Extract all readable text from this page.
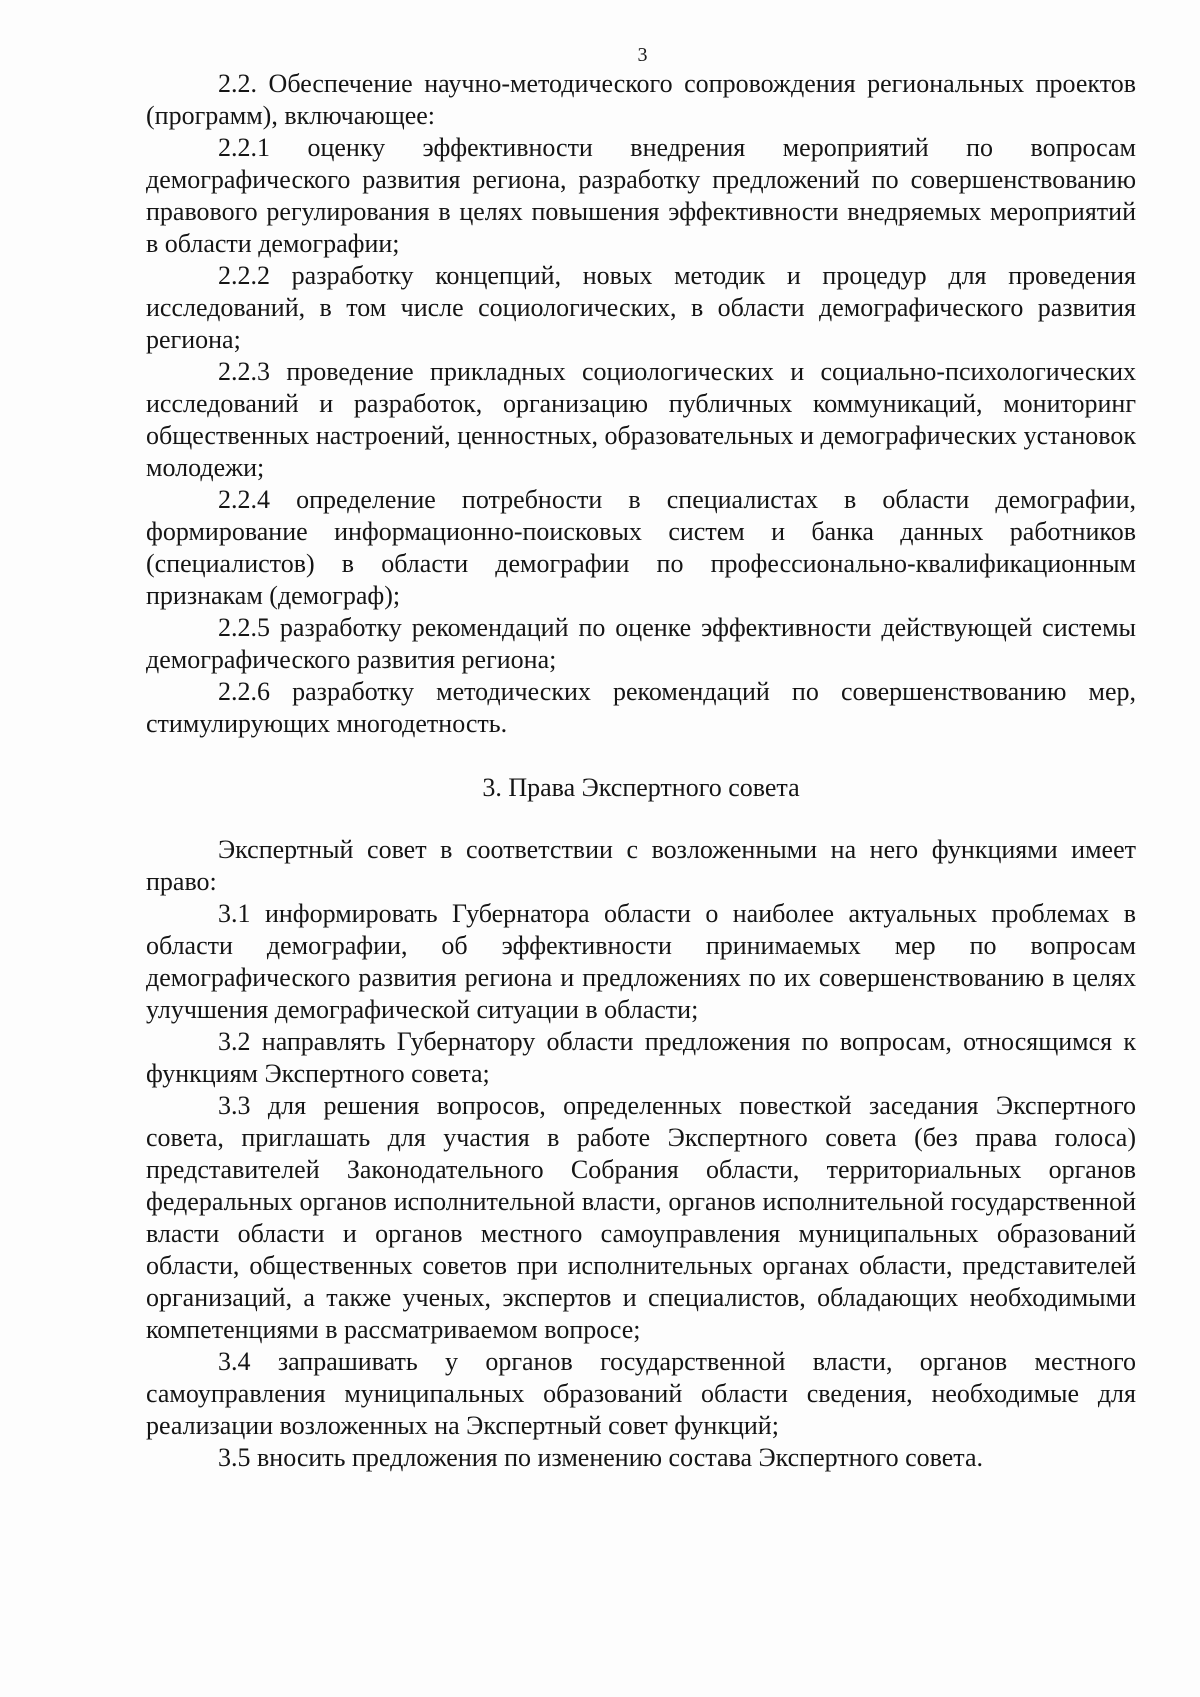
3

2.2. Обеспечение научно-методического сопровождения региональных проектов (программ), включающее:

2.2.1 оценку эффективности внедрения мероприятий по вопросам демографического развития региона, разработку предложений по совершенствованию правового регулирования в целях повышения эффективности внедряемых мероприятий в области демографии;

2.2.2 разработку концепций, новых методик и процедур для проведения исследований, в том числе социологических, в области демографического развития региона;

2.2.3 проведение прикладных социологических и социально-психологических исследований и разработок, организацию публичных коммуникаций, мониторинг общественных настроений, ценностных, образовательных и демографических установок молодежи;

2.2.4 определение потребности в специалистах в области демографии, формирование информационно-поисковых систем и банка данных работников (специалистов) в области демографии по профессионально-квалификационным признакам (демограф);

2.2.5 разработку рекомендаций по оценке эффективности действующей системы демографического развития региона;

2.2.6 разработку методических рекомендаций по совершенствованию мер, стимулирующих многодетность.

3. Права Экспертного совета

Экспертный совет в соответствии с возложенными на него функциями имеет право:

3.1 информировать Губернатора области о наиболее актуальных проблемах в области демографии, об эффективности принимаемых мер по вопросам демографического развития региона и предложениях по их совершенствованию в целях улучшения демографической ситуации в области;

3.2 направлять Губернатору области предложения по вопросам, относящимся к функциям Экспертного совета;

3.3 для решения вопросов, определенных повесткой заседания Экспертного совета, приглашать для участия в работе Экспертного совета (без права голоса) представителей Законодательного Собрания области, территориальных органов федеральных органов исполнительной власти, органов исполнительной государственной власти области и органов местного самоуправления муниципальных образований области, общественных советов при исполнительных органах области, представителей организаций, а также ученых, экспертов и специалистов, обладающих необходимыми компетенциями в рассматриваемом вопросе;

3.4 запрашивать у органов государственной власти, органов местного самоуправления муниципальных образований области сведения, необходимые для реализации возложенных на Экспертный совет функций;

3.5 вносить предложения по изменению состава Экспертного совета.
